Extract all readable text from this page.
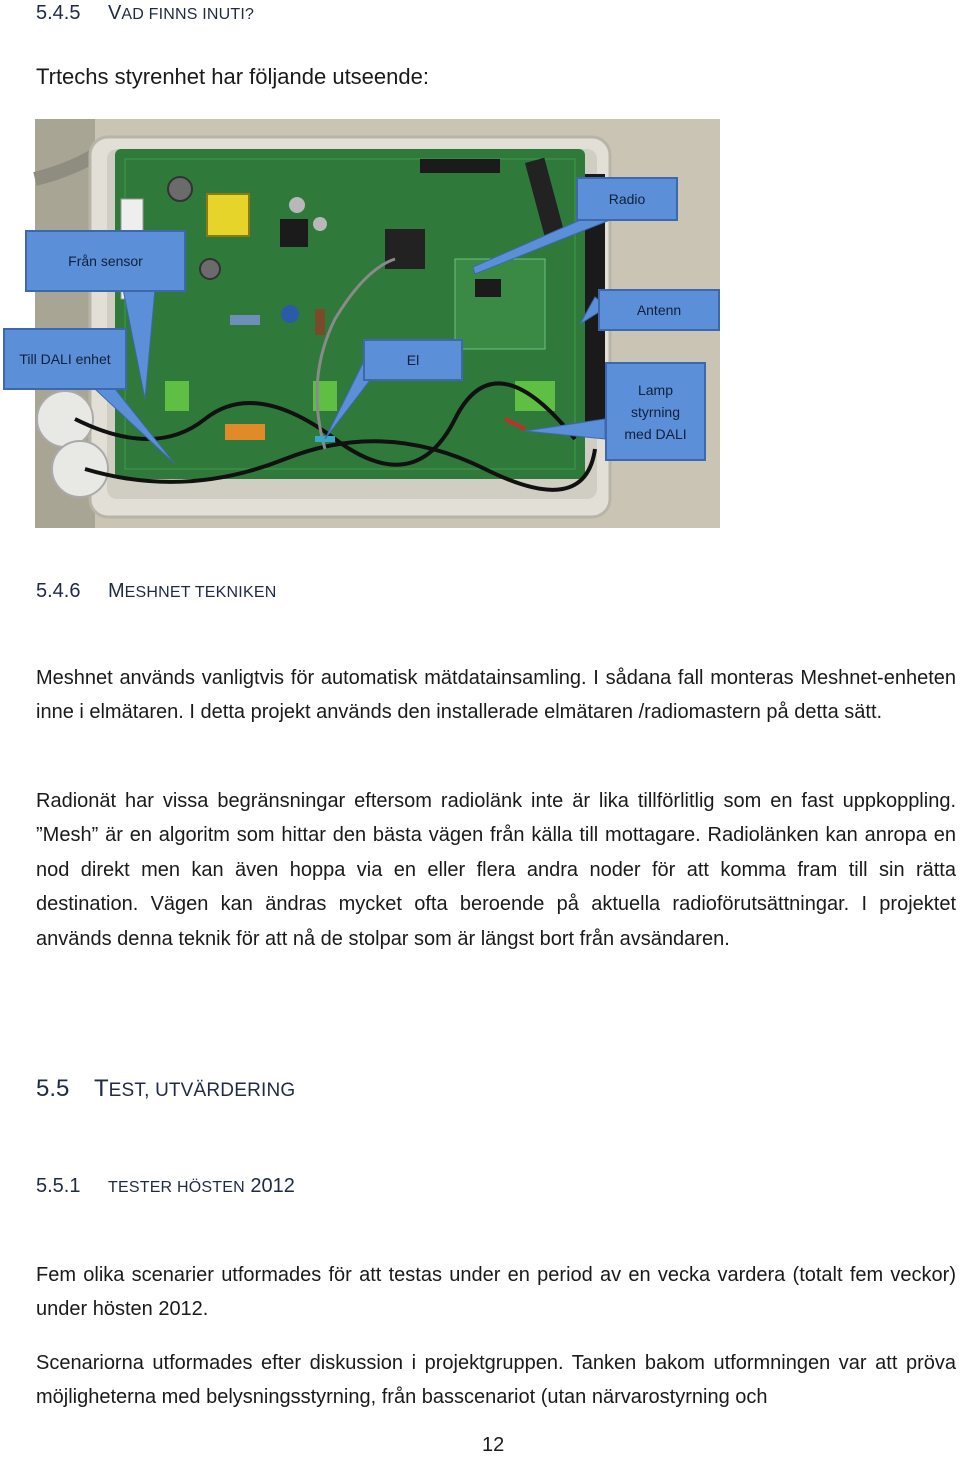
5.4.5 VAD FINNS INUTI?
Trtechs styrenhet har följande utseende:
Radio
Från sensor
Antenn
Till DALI enhet	El
Lamp styrning med DALI
5.4.6 MESHNET TEKNIKEN

Meshnet används vanligtvis för automatisk mätdatainsamling. I sådana fall monteras Meshnet-enheten inne i elmätaren. I detta projekt används den installerade elmätaren /radiomastern på detta sätt.

Radionät har vissa begränsningar eftersom radiolänk inte är lika tillförlitlig som en fast uppkoppling. ”Mesh” är en algoritm som hittar den bästa vägen från källa till mottagare. Radiolänken kan anropa en nod direkt men kan även hoppa via en eller flera andra noder för att komma fram till sin rätta destination. Vägen kan ändras mycket ofta beroende på aktuella radioförutsättningar. I projektet används denna teknik för att nå de stolpar som är längst bort från avsändaren.

5.5 TEST, UTVÄRDERING
5.5.1 TESTER HÖSTEN 2012

Fem olika scenarier utformades för att testas under en period av en vecka vardera (totalt fem veckor) under hösten 2012.

Scenariorna utformades efter diskussion i projektgruppen. Tanken bakom utformningen var att pröva möjligheterna med belysningsstyrning, från basscenariot (utan närvarostyrning och

12
